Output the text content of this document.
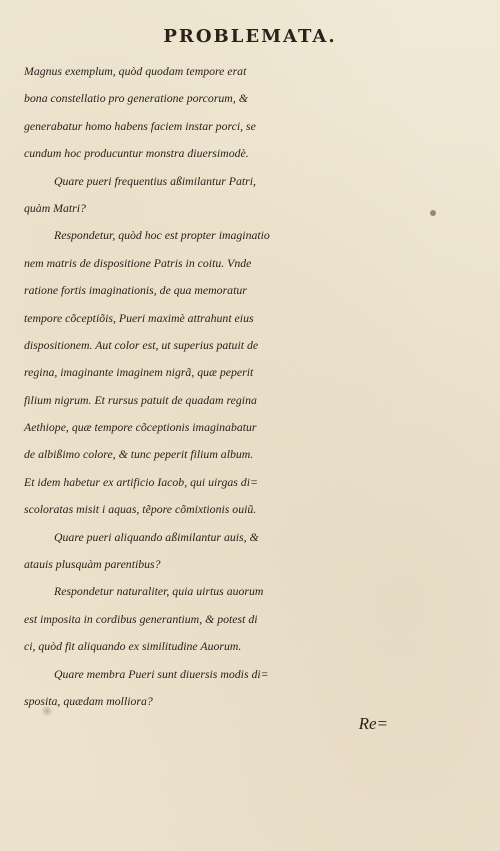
PROBLEMATA.
Magnus exemplum, quòd quodam tempore erat
bona constellatio pro generatione porcorum, &
generabatur homo habens faciem instar porci, se
cundum hoc producuntur monstra diuersimodè.
Quare pueri frequentius aßimilantur Patri,
quàm Matri?
Respondetur, quòd hoc est propter imaginatio
nem matris de dispositione Patris in coitu. Vnde
ratione fortis imaginationis, de qua memoratur
tempore cõceptiõis, Pueri maximè attrahunt eius
dispositionem. Aut color est, ut superius patuit de
regina, imaginante imaginem nigrã, quæ peperit
filium nigrum. Et rursus patuit de quadam regina
Aethiope, quæ tempore cõceptionis imaginabatur
de albißimo colore, & tunc peperit filium album.
Et idem habetur ex artificio Iacob, qui uirgas di=
scoloratas misit i aquas, tẽpore cõmixtionis ouiũ.
Quare pueri aliquando aßimilantur auis, &
atauis plusquàm parentibus?
Respondetur naturaliter, quia uirtus auorum
est imposita in cordibus generantium, & potest di
ci, quòd fit aliquando ex similitudine Auorum.
Quare membra Pueri sunt diuersis modis di=
sposita, quædam molliora?
Re=
